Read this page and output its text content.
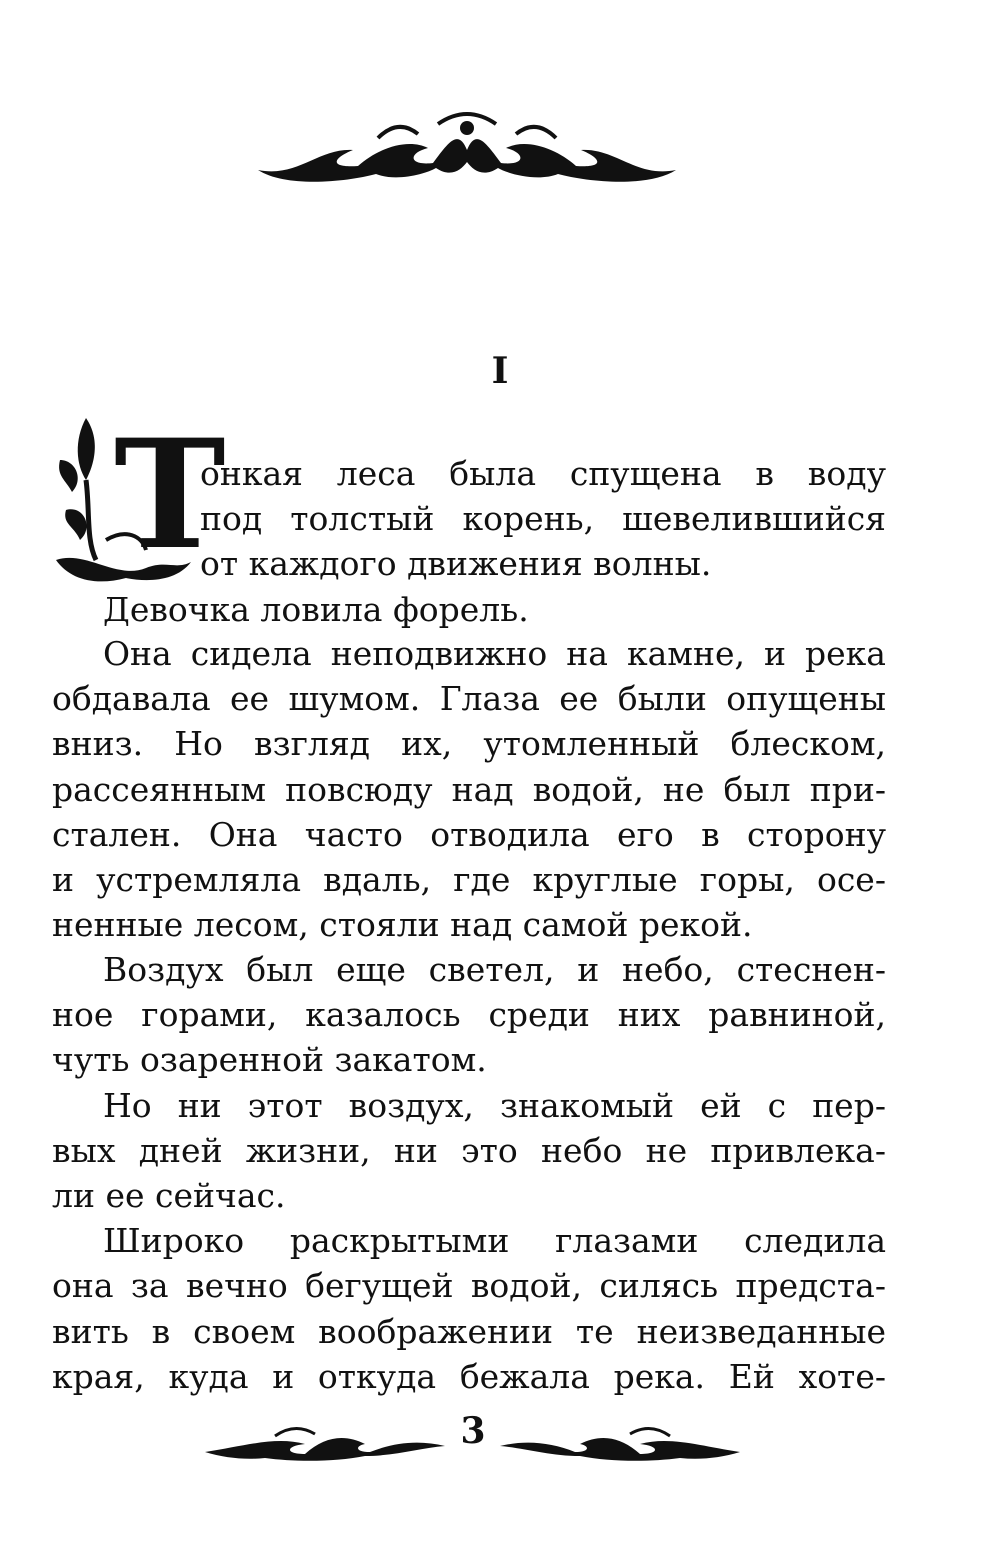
I
Т
онкая леса была спущена в воду
под толстый корень, шевелившийся
от каждого движения волны.
Девочка ловила форель.
Она сидела неподвижно на камне, и река
обдавала ее шумом. Глаза ее были опущены
вниз. Но взгляд их, утомленный блеском,
рассеянным повсюду над водой, не был при-
стален. Она часто отводила его в сторону
и устремляла вдаль, где круглые горы, осе-
ненные лесом, стояли над самой рекой.
Воздух был еще светел, и небо, стеснен-
ное горами, казалось среди них равниной,
чуть озаренной закатом.
Но ни этот воздух, знакомый ей с пер-
вых дней жизни, ни это небо не привлека-
ли ее сейчас.
Широко раскрытыми глазами следила
она за вечно бегущей водой, силясь предста-
вить в своем воображении те неизведанные
края, куда и откуда бежала река. Ей хоте-
3
